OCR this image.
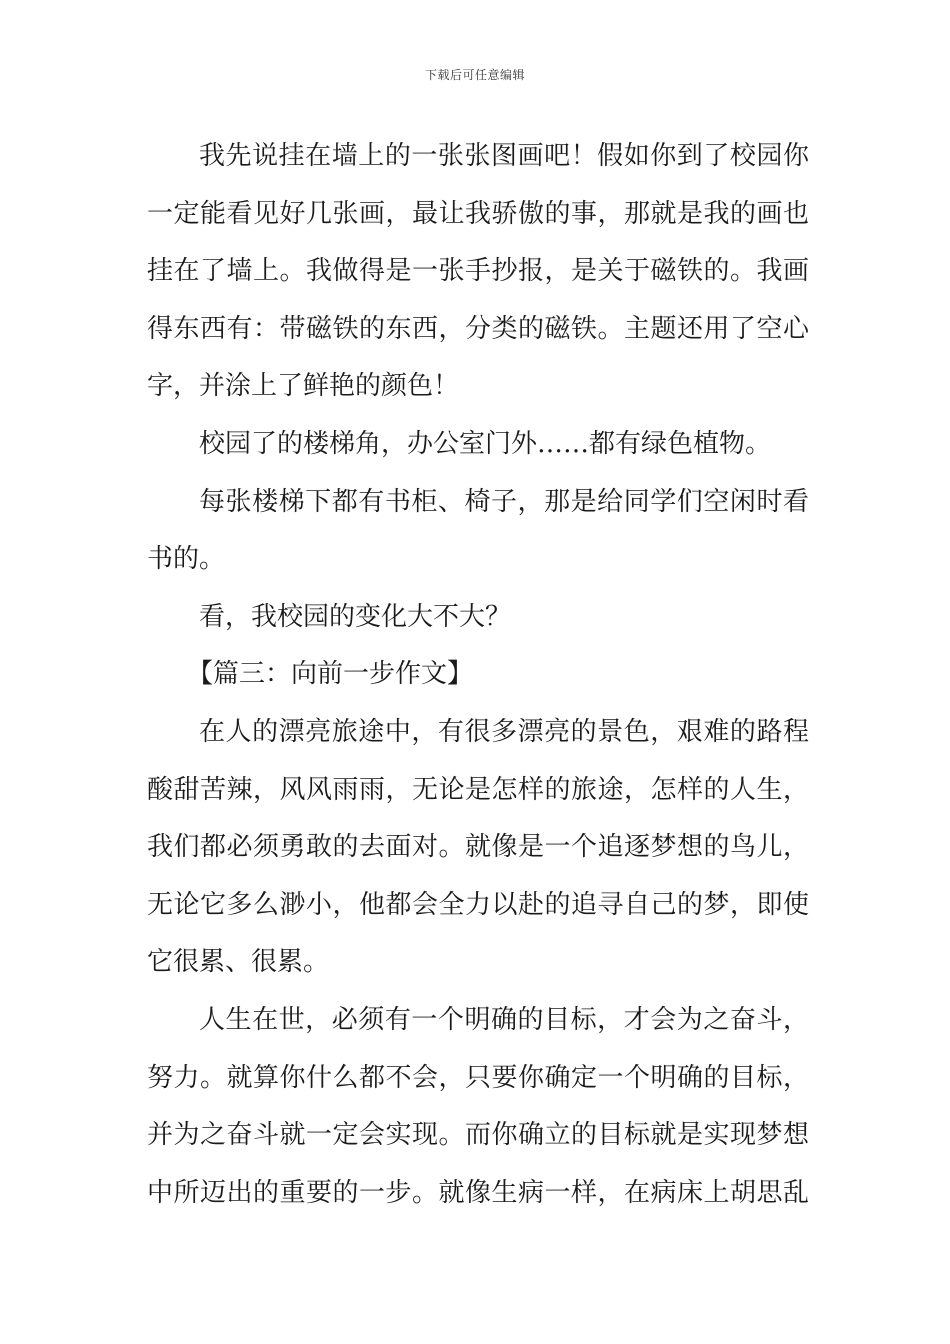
下载后可任意编辑
我先说挂在墙上的一张张图画吧！假如你到了校园你
一定能看见好几张画，最让我骄傲的事，那就是我的画也
挂在了墙上。我做得是一张手抄报，是关于磁铁的。我画
得东西有：带磁铁的东西，分类的磁铁。主题还用了空心
字，并涂上了鲜艳的颜色！
校园了的楼梯角，办公室门外……都有绿色植物。
每张楼梯下都有书柜、椅子，那是给同学们空闲时看
书的。
看，我校园的变化大不大？
【篇三：向前一步作文】
在人的漂亮旅途中，有很多漂亮的景色，艰难的路程
酸甜苦辣，风风雨雨，无论是怎样的旅途，怎样的人生，
我们都必须勇敢的去面对。就像是一个追逐梦想的鸟儿，
无论它多么渺小，他都会全力以赴的追寻自己的梦，即使
它很累、很累。
人生在世，必须有一个明确的目标，才会为之奋斗，
努力。就算你什么都不会，只要你确定一个明确的目标，
并为之奋斗就一定会实现。而你确立的目标就是实现梦想
中所迈出的重要的一步。就像生病一样，在病床上胡思乱
